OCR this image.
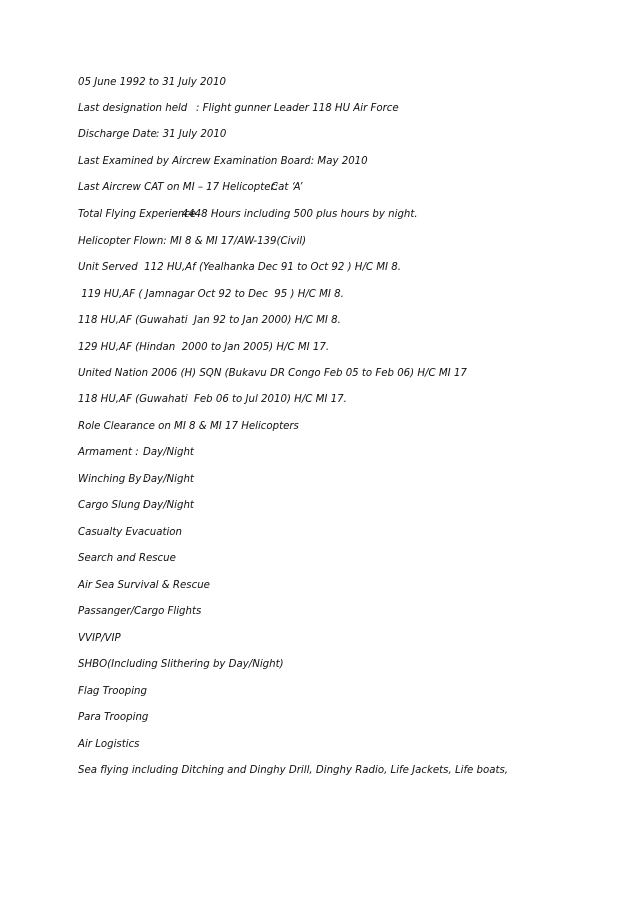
05 June 1992 to 31 July 2010
Last designation held : Flight gunner Leader 118 HU Air Force
Discharge Date: 31 July 2010
Last Examined by Aircrew Examination Board: May 2010
Last Aircrew CAT on MI – 17 Helicopter:Cat ‘A’
Total Flying Experience: 4448 Hours including 500 plus hours by night.
Helicopter Flown: MI 8 & MI 17/AW-139(Civil)
Unit Served  112 HU,Af (Yealhanka Dec 91 to Oct 92 ) H/C MI 8.
119 HU,AF ( Jamnagar Oct 92 to Dec  95 ) H/C MI 8.
118 HU,AF (Guwahati  Jan 92 to Jan 2000) H/C MI 8.
129 HU,AF (Hindan  2000 to Jan 2005) H/C MI 17.
United Nation 2006 (H) SQN (Bukavu DR Congo Feb 05 to Feb 06) H/C MI 17
118 HU,AF (Guwahati  Feb 06 to Jul 2010) H/C MI 17.
Role Clearance on MI 8 & MI 17 Helicopters
Armament : Day/Night
Winching By :Day/Night
Cargo Slung :Day/Night
Casualty Evacuation
Search and Rescue
Air Sea Survival & Rescue
Passanger/Cargo Flights
VVIP/VIP
SHBO(Including Slithering by Day/Night)
Flag Trooping
Para Trooping
Air Logistics
Sea flying including Ditching and Dinghy Drill, Dinghy Radio, Life Jackets, Life boats,
